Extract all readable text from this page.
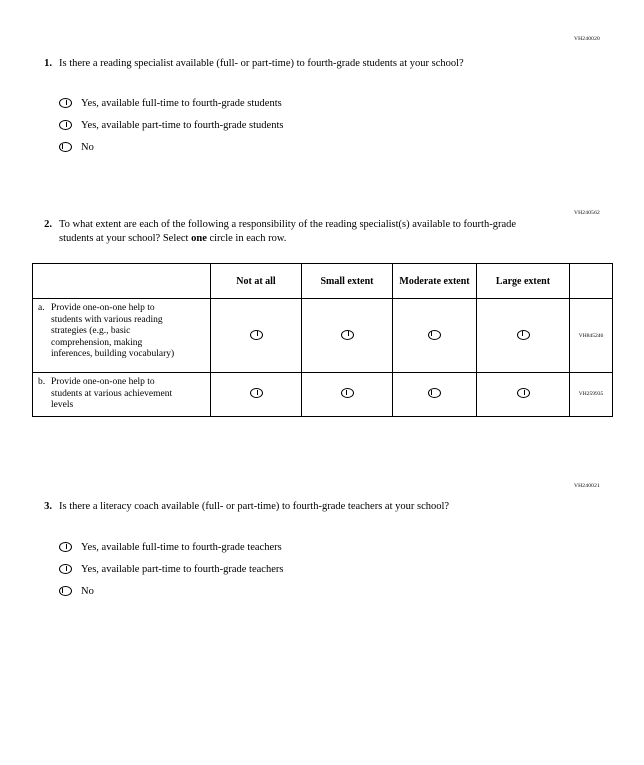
VH240020
1. Is there a reading specialist available (full- or part-time) to fourth-grade students at your school?
Yes, available full-time to fourth-grade students
Yes, available part-time to fourth-grade students
No
VH240562
2. To what extent are each of the following a responsibility of the reading specialist(s) available to fourth-grade students at your school? Select one circle in each row.
	Not at all	Small extent	Moderate extent	Large extent	
a. Provide one-on-one help to students with various reading strategies (e.g., basic comprehension, making inferences, building vocabulary)					VH845246
b. Provide one-on-one help to students at various achievement levels					VH259935
VH240021
3. Is there a literacy coach available (full- or part-time) to fourth-grade teachers at your school?
Yes, available full-time to fourth-grade teachers
Yes, available part-time to fourth-grade teachers
No
